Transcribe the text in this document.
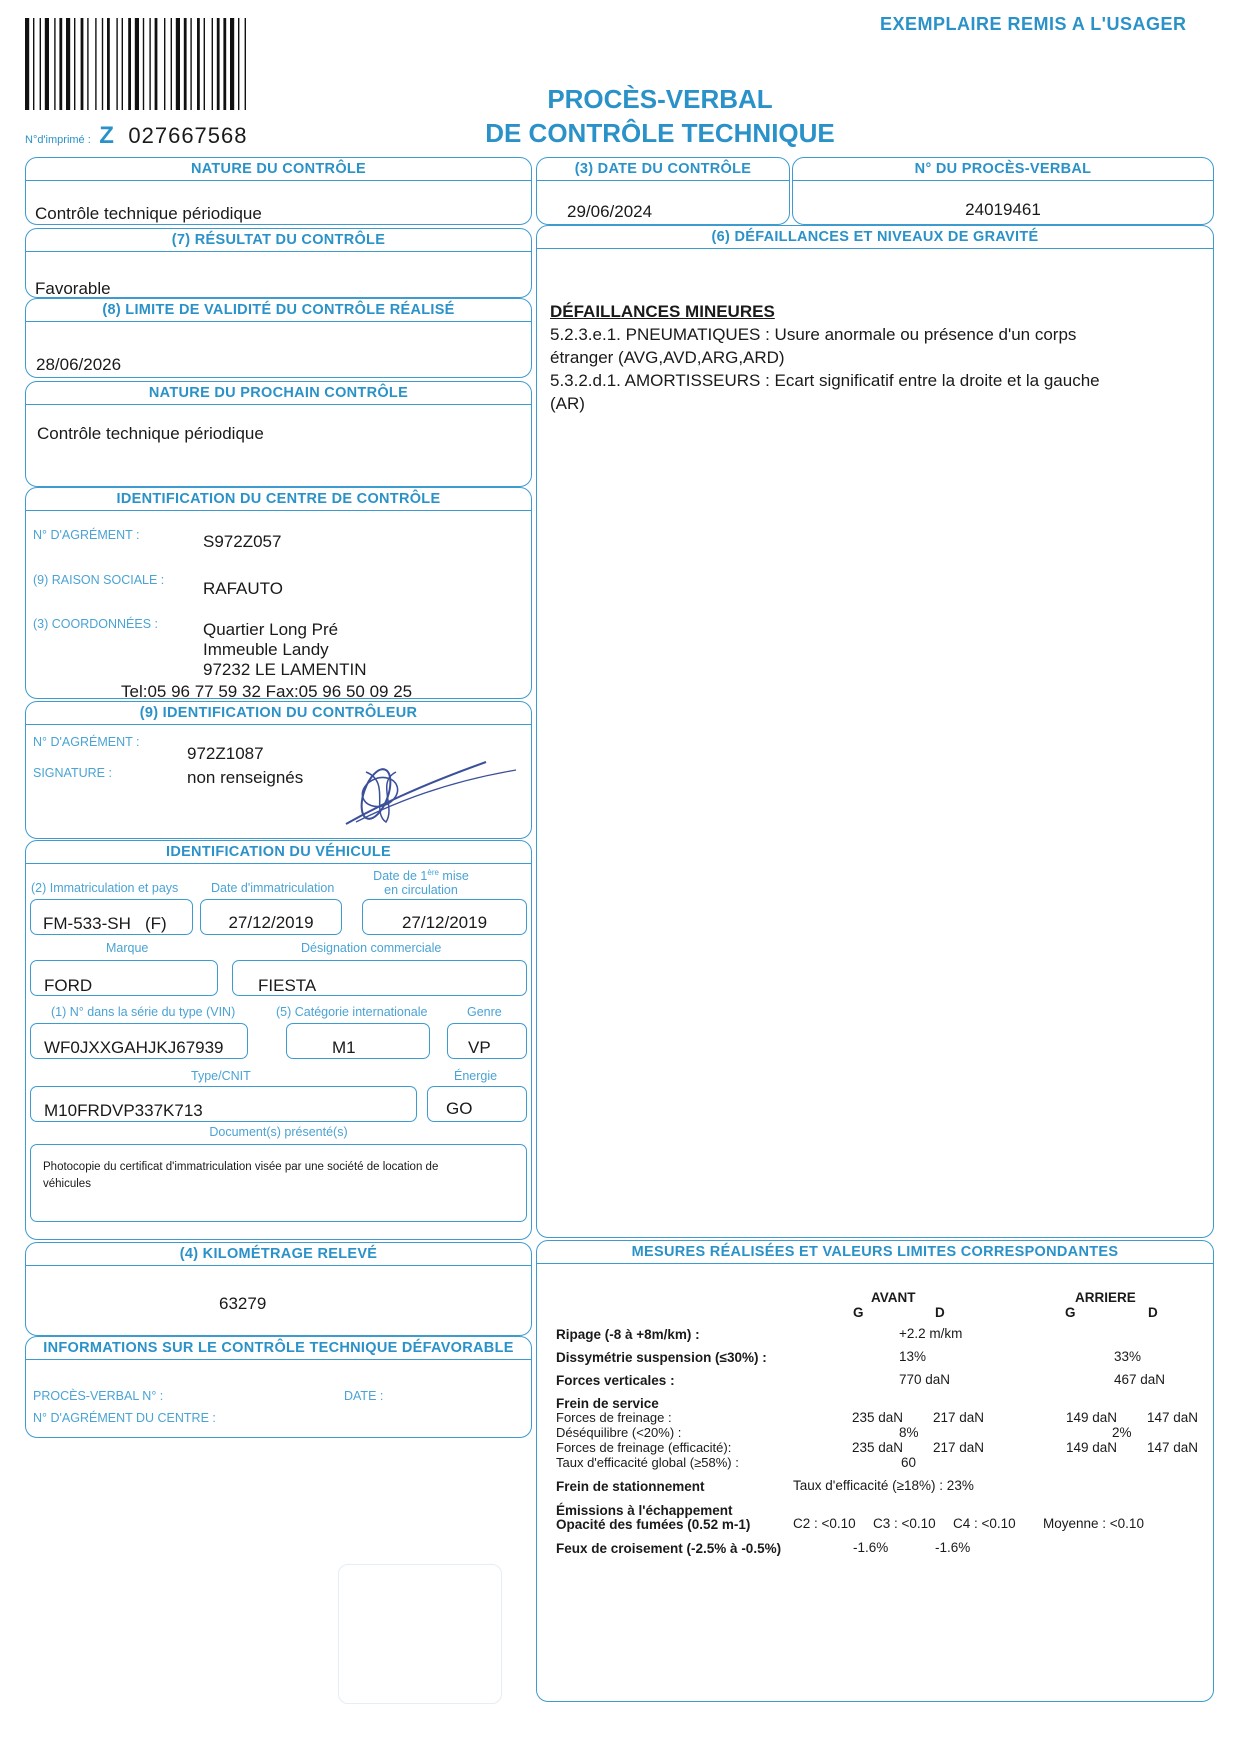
EXEMPLAIRE REMIS A L'USAGER
PROCÈS-VERBAL
DE CONTRÔLE TECHNIQUE
N°d'imprimé : Z 027667568
NATURE DU CONTRÔLE
Contrôle technique périodique
(3) DATE DU CONTRÔLE
29/06/2024
N° DU PROCÈS-VERBAL
24019461
(7) RÉSULTAT DU CONTRÔLE
Favorable
(8) LIMITE DE VALIDITÉ DU CONTRÔLE RÉALISÉ
28/06/2026
NATURE DU PROCHAIN CONTRÔLE
Contrôle technique périodique
IDENTIFICATION DU CENTRE DE CONTRÔLE
N° D'AGRÉMENT :	S972Z057
(9) RAISON SOCIALE : RAFAUTO
(3) COORDONNÉES :	Quartier Long Pré
Immeuble Landy
97232 LE LAMENTIN
Tel:05 96 77 59 32 Fax:05 96 50 09 25
(9) IDENTIFICATION DU CONTRÔLEUR
N° D'AGRÉMENT :
972Z1087
SIGNATURE :	non renseignés
IDENTIFICATION DU VÉHICULE
(2) Immatriculation et pays	Date d'immatriculation
Date de 1ère mise
en circulation
FM-533-SH   (F)	27/12/2019	27/12/2019
Marque	Désignation commerciale
FORD	FIESTA
(1) N° dans la série du type (VIN)	(5) Catégorie internationale	Genre
WF0JXXGAHJKJ67939	M1	VP
Type/CNIT	Énergie
M10FRDVP337K713	GO
Document(s) présenté(s)
Photocopie du certificat d'immatriculation visée par une société de location de véhicules
(4) KILOMÉTRAGE RELEVÉ
63279
INFORMATIONS SUR LE CONTRÔLE TECHNIQUE DÉFAVORABLE
PROCÈS-VERBAL N° :	DATE :
N° D'AGRÉMENT DU CENTRE :
(6) DÉFAILLANCES ET NIVEAUX DE GRAVITÉ
DÉFAILLANCES MINEURES
5.2.3.e.1. PNEUMATIQUES : Usure anormale ou présence d'un corps
étranger (AVG,AVD,ARG,ARD)
5.3.2.d.1. AMORTISSEURS : Ecart significatif entre la droite et la gauche
(AR)
MESURES RÉALISÉES ET VALEURS LIMITES CORRESPONDANTES
AVANT	ARRIERE
G	D	G	D
Ripage (-8 à +8m/km) :	+2.2 m/km
Dissymétrie suspension (≤30%) :	13%	33%
Forces verticales :	770 daN	467 daN
Frein de service
Forces de freinage :	235 daN 217 daN	149 daN 147 daN
Déséquilibre (<20%) :	8%	2%
Forces de freinage (efficacité):	235 daN 217 daN	149 daN 147 daN
Taux d'efficacité global (≥58%) :	60
Frein de stationnement	Taux d'efficacité (≥18%) : 23%
Émissions à l'échappement
Opacité des fumées (0.52 m-1)	C2 : <0.10 C3 : <0.10 C4 : <0.10 Moyenne : <0.10
Feux de croisement (-2.5% à -0.5%)	-1.6%	-1.6%
